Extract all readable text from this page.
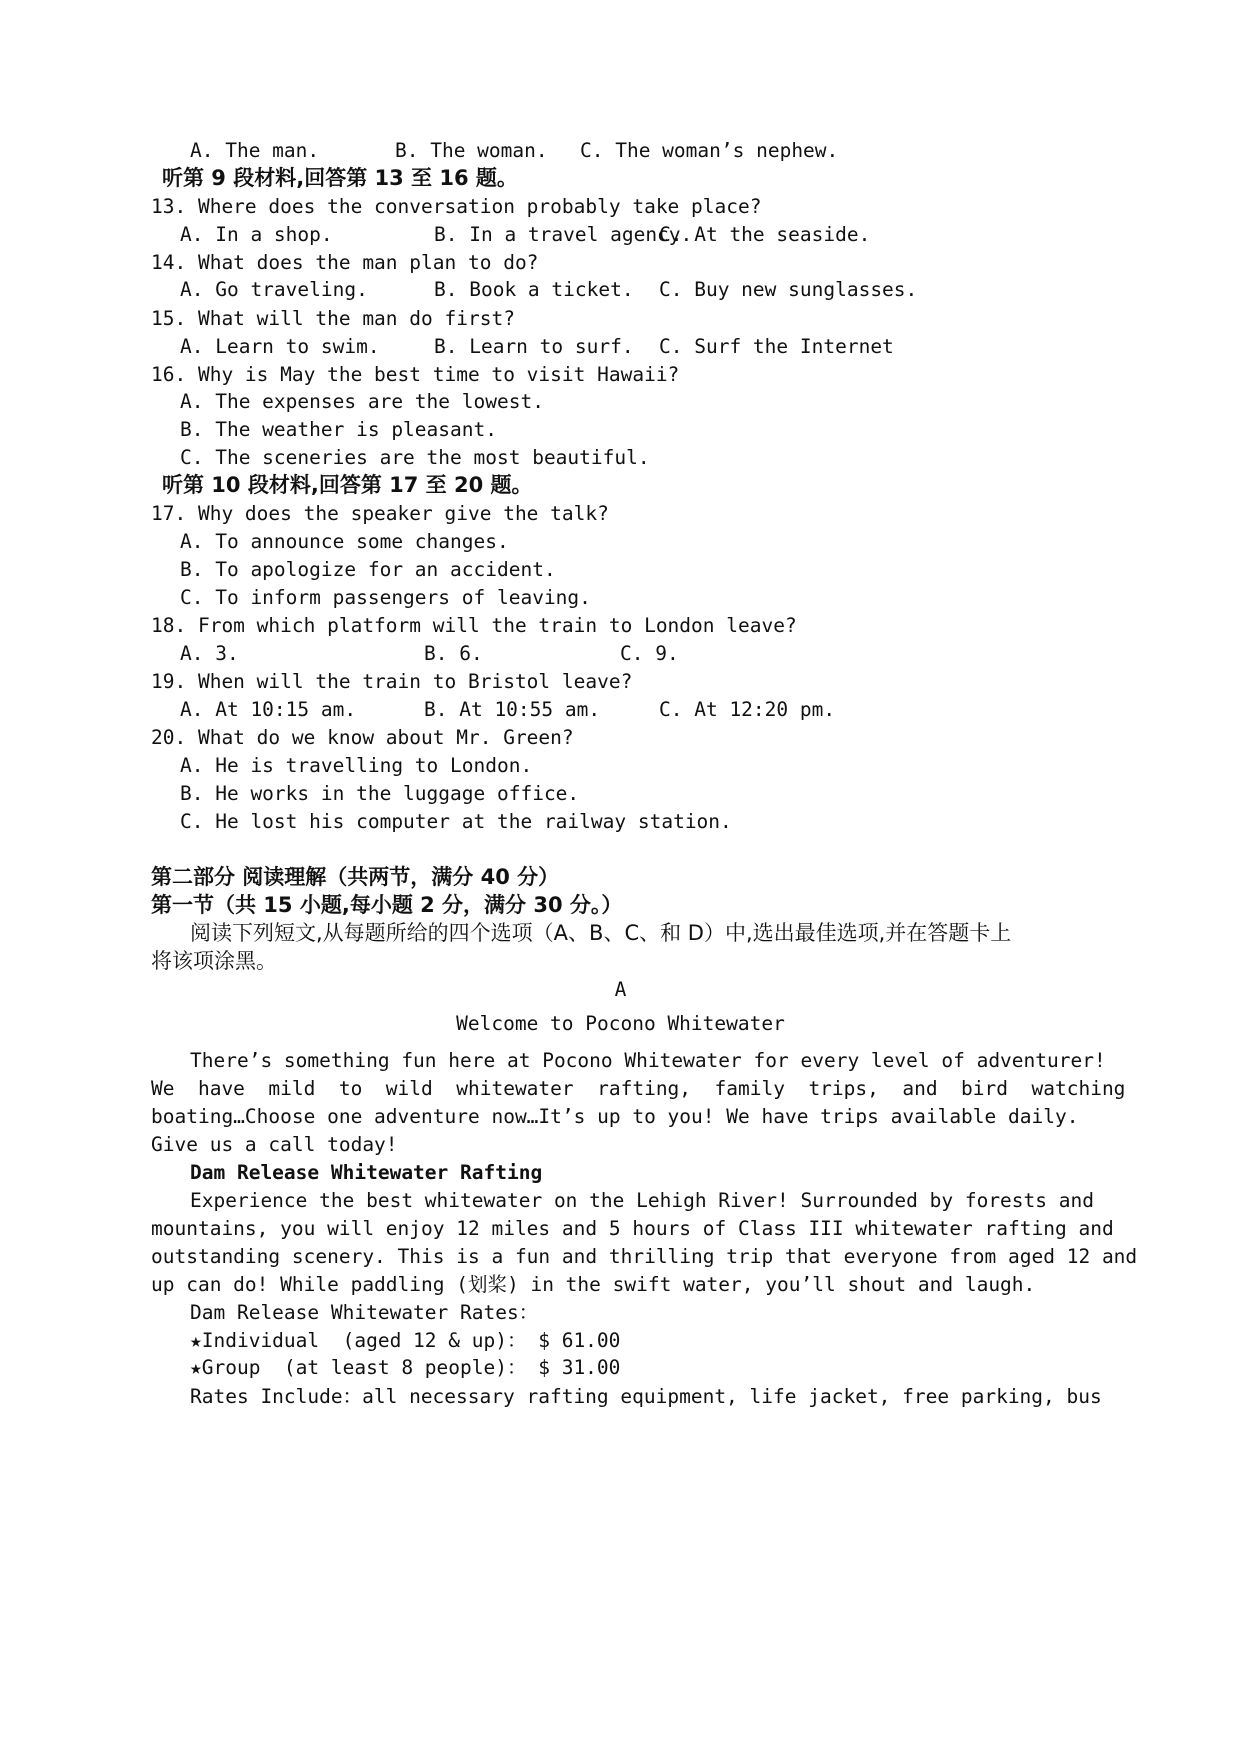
A. The man.	B. The woman. C. The woman’s nephew.
听第 9 段材料,回答第 13 至 16 题。
13. Where does the conversation probably take place?
A. In a shop.	B. In a travel agency.
C. At the seaside.
14. What does the man plan to do?
A. Go traveling.	B. Book a ticket. C. Buy new sunglasses.
15. What will the man do first?
A. Learn to swim.	B. Learn to surf. C. Surf the Internet
16. Why is May the best time to visit Hawaii?
A. The expenses are the lowest.
B. The weather is pleasant.
C. The sceneries are the most beautiful.
听第 10 段材料,回答第 17 至 20 题。
17. Why does the speaker give the talk?
A. To announce some changes.
B. To apologize for an accident.
C. To inform passengers of leaving.
18. From which platform will the train to London leave?
A. 3.	B. 6.	C. 9.
19. When will the train to Bristol leave?
A. At 10:15 am.	B. At 10:55 am.	C. At 12:20 pm.
20. What do we know about Mr. Green?
A. He is travelling to London.
B. He works in the luggage office.
C. He lost his computer at the railway station.
第二部分 阅读理解（共两节，满分 40 分）
第一节（共 15 小题,每小题 2 分，满分 30 分。）
阅读下列短文,从每题所给的四个选项（A、B、C、和 D）中,选出最佳选项,并在答题卡上
将该项涂黑。
A
Welcome to Pocono Whitewater
There’s something fun here at Pocono Whitewater for every level of adventurer!
We  have  mild  to  wild  whitewater  rafting,  family  trips,  and  bird  watching
boating…Choose one adventure now…It’s up to you! We have trips available daily.
Give us a call today!
Dam Release Whitewater Rafting
Experience the best whitewater on the Lehigh River! Surrounded by forests and
mountains, you will enjoy 12 miles and 5 hours of Class III whitewater rafting and
outstanding scenery. This is a fun and thrilling trip that everyone from aged 12 and
up can do! While paddling (划桨) in the swift water, you’ll shout and laugh.
Dam Release Whitewater Rates：
★Individual  (aged 12 & up)： $ 61.00
★Group  (at least 8 people)： $ 31.00
Rates Include：all necessary rafting equipment, life jacket, free parking, bus
